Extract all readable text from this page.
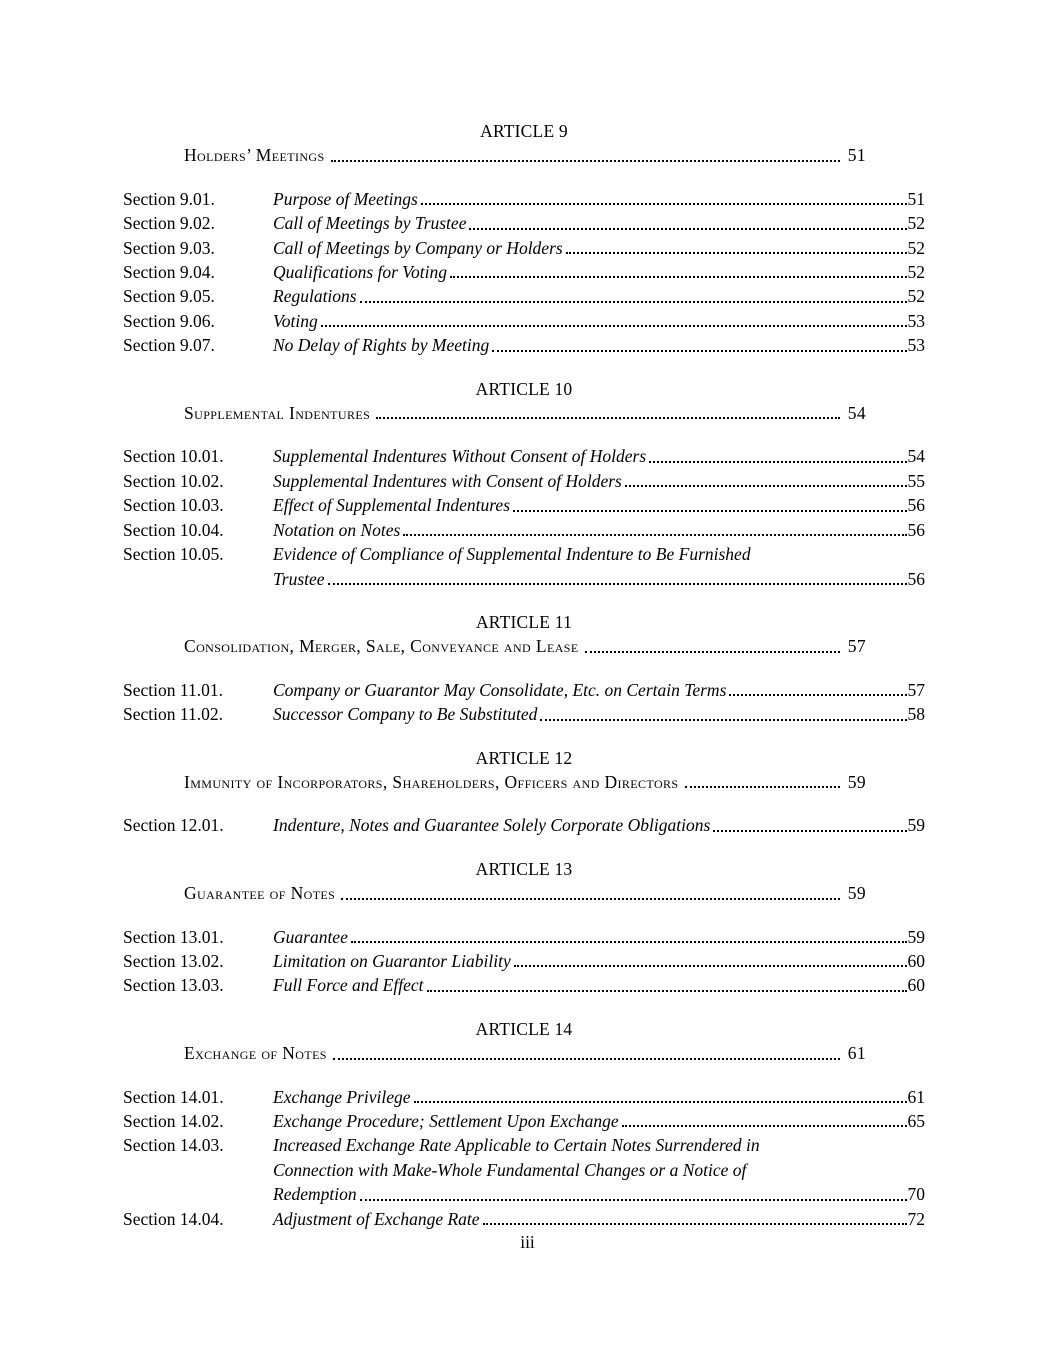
ARTICLE 9
Holders’ Meetings	51
Section 9.01.	Purpose of Meetings	51
Section 9.02.	Call of Meetings by Trustee	52
Section 9.03.	Call of Meetings by Company or Holders	52
Section 9.04.	Qualifications for Voting	52
Section 9.05.	Regulations	52
Section 9.06.	Voting	53
Section 9.07.	No Delay of Rights by Meeting	53
ARTICLE 10
Supplemental Indentures	54
Section 10.01.	Supplemental Indentures Without Consent of Holders	54
Section 10.02.	Supplemental Indentures with Consent of Holders	55
Section 10.03.	Effect of Supplemental Indentures	56
Section 10.04.	Notation on Notes	56
Section 10.05.	Evidence of Compliance of Supplemental Indenture to Be Furnished
Trustee	56
ARTICLE 11
Consolidation, Merger, Sale, Conveyance and Lease	57
Section 11.01.	Company or Guarantor May Consolidate, Etc. on Certain Terms	57
Section 11.02.	Successor Company to Be Substituted	58
ARTICLE 12
Immunity of Incorporators, Shareholders, Officers and Directors	59
Section 12.01.	Indenture, Notes and Guarantee Solely Corporate Obligations	59
ARTICLE 13
Guarantee of Notes	59
Section 13.01.	Guarantee	59
Section 13.02.	Limitation on Guarantor Liability	60
Section 13.03.	Full Force and Effect	60
ARTICLE 14
Exchange of Notes	61
Section 14.01.	Exchange Privilege	61
Section 14.02.	Exchange Procedure; Settlement Upon Exchange	65
Section 14.03.	Increased Exchange Rate Applicable to Certain Notes Surrendered in
Connection with Make-Whole Fundamental Changes or a Notice of
Redemption	70
Section 14.04.	Adjustment of Exchange Rate	72
iii
